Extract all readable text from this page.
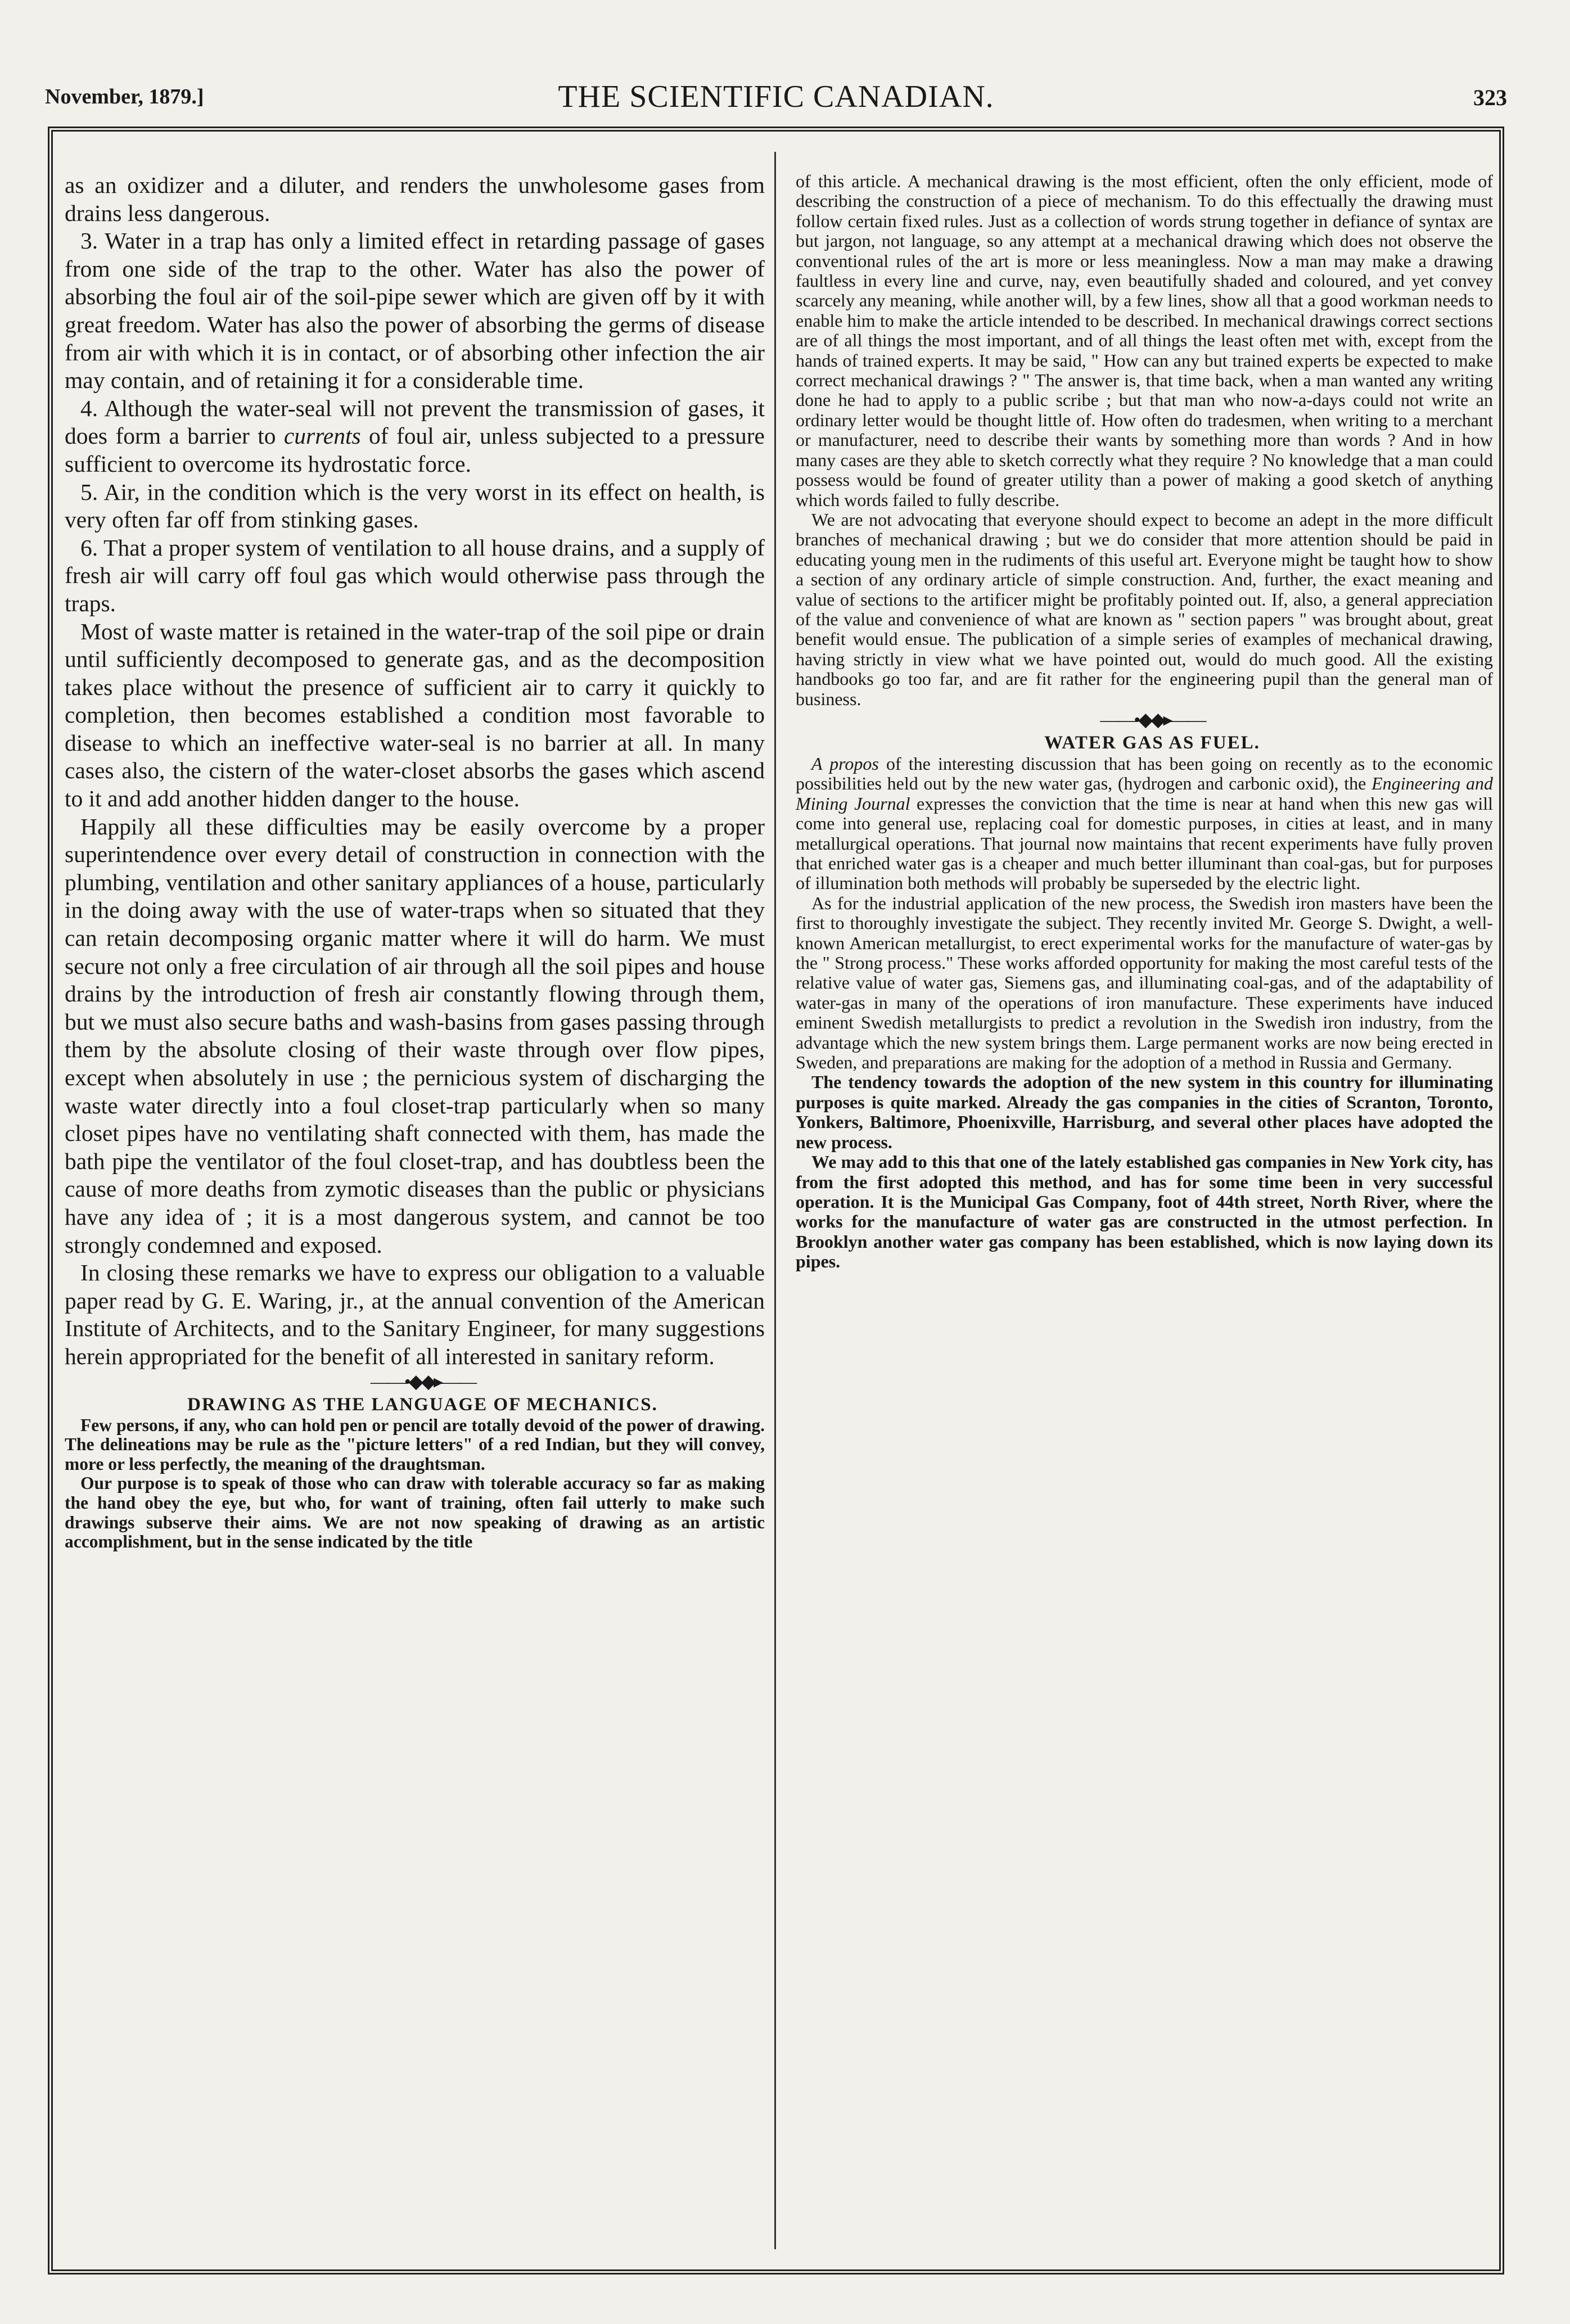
November, 1879.]	THE SCIENTIFIC CANADIAN.	323

as an oxidizer and a diluter, and renders the unwholesome gases from drains less dangerous.

3. Water in a trap has only a limited effect in retarding passage of gases from one side of the trap to the other. Water has also the power of absorbing the foul air of the soil-pipe sewer which are given off by it with great freedom. Water has also the power of absorbing the germs of disease from air with which it is in contact, or of absorbing other infection the air may contain, and of retaining it for a considerable time.

4. Although the water-seal will not prevent the transmission of gases, it does form a barrier to currents of foul air, unless subjected to a pressure sufficient to overcome its hydrostatic force.

5. Air, in the condition which is the very worst in its effect on health, is very often far off from stinking gases.

6. That a proper system of ventilation to all house drains, and a supply of fresh air will carry off foul gas which would otherwise pass through the traps.

Most of waste matter is retained in the water-trap of the soil pipe or drain until sufficiently decomposed to generate gas, and as the decomposition takes place without the presence of sufficient air to carry it quickly to completion, then becomes established a condition most favorable to disease to which an ineffective water-seal is no barrier at all. In many cases also, the cistern of the water-closet absorbs the gases which ascend to it and add another hidden danger to the house.

Happily all these difficulties may be easily overcome by a proper superintendence over every detail of construction in connection with the plumbing, ventilation and other sanitary appliances of a house, particularly in the doing away with the use of water-traps when so situated that they can retain decomposing organic matter where it will do harm. We must secure not only a free circulation of air through all the soil pipes and house drains by the introduction of fresh air constantly flowing through them, but we must also secure baths and wash-basins from gases passing through them by the absolute closing of their waste through over flow pipes, except when absolutely in use ; the pernicious system of discharging the waste water directly into a foul closet-trap particularly when so many closet pipes have no ventilating shaft connected with them, has made the bath pipe the ventilator of the foul closet-trap, and has doubtless been the cause of more deaths from zymotic diseases than the public or physicians have any idea of ; it is a most dangerous system, and cannot be too strongly condemned and exposed.

In closing these remarks we have to express our obligation to a valuable paper read by G. E. Waring, jr., at the annual convention of the American Institute of Architects, and to the Sanitary Engineer, for many suggestions herein appropriated for the benefit of all interested in sanitary reform.

——•◆◆▸——

DRAWING AS THE LANGUAGE OF MECHANICS.

Few persons, if any, who can hold pen or pencil are totally devoid of the power of drawing. The delineations may be rule as the "picture letters" of a red Indian, but they will convey, more or less perfectly, the meaning of the draughtsman.

Our purpose is to speak of those who can draw with tolerable accuracy so far as making the hand obey the eye, but who, for want of training, often fail utterly to make such drawings subserve their aims. We are not now speaking of drawing as an artistic accomplishment, but in the sense indicated by the title

of this article. A mechanical drawing is the most efficient, often the only efficient, mode of describing the construction of a piece of mechanism. To do this effectually the drawing must follow certain fixed rules. Just as a collection of words strung together in defiance of syntax are but jargon, not language, so any attempt at a mechanical drawing which does not observe the conventional rules of the art is more or less meaningless. Now a man may make a drawing faultless in every line and curve, nay, even beautifully shaded and coloured, and yet convey scarcely any meaning, while another will, by a few lines, show all that a good workman needs to enable him to make the article intended to be described. In mechanical drawings correct sections are of all things the most important, and of all things the least often met with, except from the hands of trained experts. It may be said, " How can any but trained experts be expected to make correct mechanical drawings ? " The answer is, that time back, when a man wanted any writing done he had to apply to a public scribe ; but that man who now-a-days could not write an ordinary letter would be thought little of. How often do tradesmen, when writing to a merchant or manufacturer, need to describe their wants by something more than words ? And in how many cases are they able to sketch correctly what they require ? No knowledge that a man could possess would be found of greater utility than a power of making a good sketch of anything which words failed to fully describe.

We are not advocating that everyone should expect to become an adept in the more difficult branches of mechanical drawing ; but we do consider that more attention should be paid in educating young men in the rudiments of this useful art. Everyone might be taught how to show a section of any ordinary article of simple construction. And, further, the exact meaning and value of sections to the artificer might be profitably pointed out. If, also, a general appreciation of the value and convenience of what are known as " section papers " was brought about, great benefit would ensue. The publication of a simple series of examples of mechanical drawing, having strictly in view what we have pointed out, would do much good. All the existing handbooks go too far, and are fit rather for the engineering pupil than the general man of business.

——•◆◆▸——

WATER GAS AS FUEL.

A propos of the interesting discussion that has been going on recently as to the economic possibilities held out by the new water gas, (hydrogen and carbonic oxid), the Engineering and Mining Journal expresses the conviction that the time is near at hand when this new gas will come into general use, replacing coal for domestic purposes, in cities at least, and in many metallurgical operations. That journal now maintains that recent experiments have fully proven that enriched water gas is a cheaper and much better illuminant than coal-gas, but for purposes of illumination both methods will probably be superseded by the electric light.

As for the industrial application of the new process, the Swedish iron masters have been the first to thoroughly investigate the subject. They recently invited Mr. George S. Dwight, a well-known American metallurgist, to erect experimental works for the manufacture of water-gas by the " Strong process." These works afforded opportunity for making the most careful tests of the relative value of water gas, Siemens gas, and illuminating coal-gas, and of the adaptability of water-gas in many of the operations of iron manufacture. These experiments have induced eminent Swedish metallurgists to predict a revolution in the Swedish iron industry, from the advantage which the new system brings them. Large permanent works are now being erected in Sweden, and preparations are making for the adoption of a method in Russia and Germany.

The tendency towards the adoption of the new system in this country for illuminating purposes is quite marked. Already the gas companies in the cities of Scranton, Toronto, Yonkers, Baltimore, Phoenixville, Harrisburg, and several other places have adopted the new process.

We may add to this that one of the lately established gas companies in New York city, has from the first adopted this method, and has for some time been in very successful operation. It is the Municipal Gas Company, foot of 44th street, North River, where the works for the manufacture of water gas are constructed in the utmost perfection. In Brooklyn another water gas company has been established, which is now laying down its pipes.
